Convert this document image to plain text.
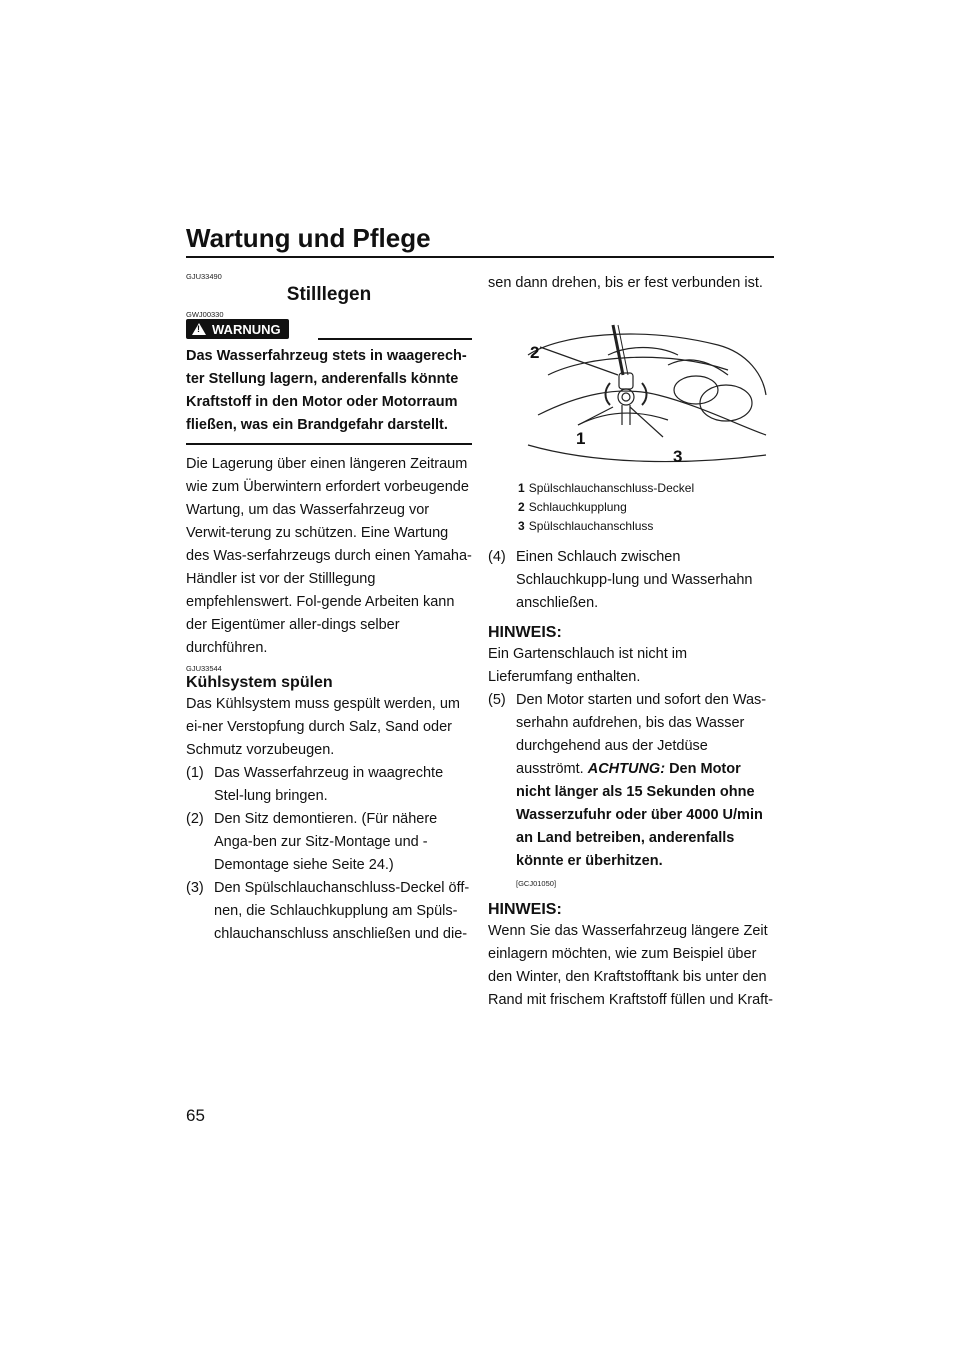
Wartung und Pflege
GJU33490
Stilllegen
GWJ00330
! WARNUNG

Das Wasserfahrzeug stets in waagerech-ter Stellung lagern, anderenfalls könnte Kraftstoff in den Motor oder Motorraum fließen, was ein Brandgefahr darstellt.

Die Lagerung über einen längeren Zeitraum wie zum Überwintern erfordert vorbeugende Wartung, um das Wasserfahrzeug vor Verwit-terung zu schützen. Eine Wartung des Was-serfahrzeugs durch einen Yamaha-Händler ist vor der Stilllegung empfehlenswert. Fol-gende Arbeiten kann der Eigentümer aller-dings selber durchführen.

GJU33544

Kühlsystem spülen

Das Kühlsystem muss gespült werden, um ei-ner Verstopfung durch Salz, Sand oder Schmutz vorzubeugen.

(1) Das Wasserfahrzeug in waagrechte Stel-lung bringen.
(2) Den Sitz demontieren. (Für nähere Anga-ben zur Sitz-Montage und -Demontage siehe Seite 24.)
(3) Den Spülschlauchanschluss-Deckel öff-nen, die Schlauchkupplung am Spüls-chlauchanschluss anschließen und die-

sen dann drehen, bis er fest verbunden ist.

2
1
3
1 Spülschlauchanschluss-Deckel
2 Schlauchkupplung
3 Spülschlauchanschluss
(4) Einen Schlauch zwischen Schlauchkupp-lung und Wasserhahn anschließen.
HINWEIS:

Ein Gartenschlauch ist nicht im Lieferumfang enthalten.

(5) Den Motor starten und sofort den Was-serhahn aufdrehen, bis das Wasser durchgehend aus der Jetdüse ausströmt. ACHTUNG: Den Motor nicht länger als 15 Sekunden ohne Wasserzufuhr oder über 4000 U/min an Land betreiben, anderenfalls könnte er überhitzen.
[GCJ01050]
HINWEIS:

Wenn Sie das Wasserfahrzeug längere Zeit einlagern möchten, wie zum Beispiel über den Winter, den Kraftstofftank bis unter den Rand mit frischem Kraftstoff füllen und Kraft-

65
